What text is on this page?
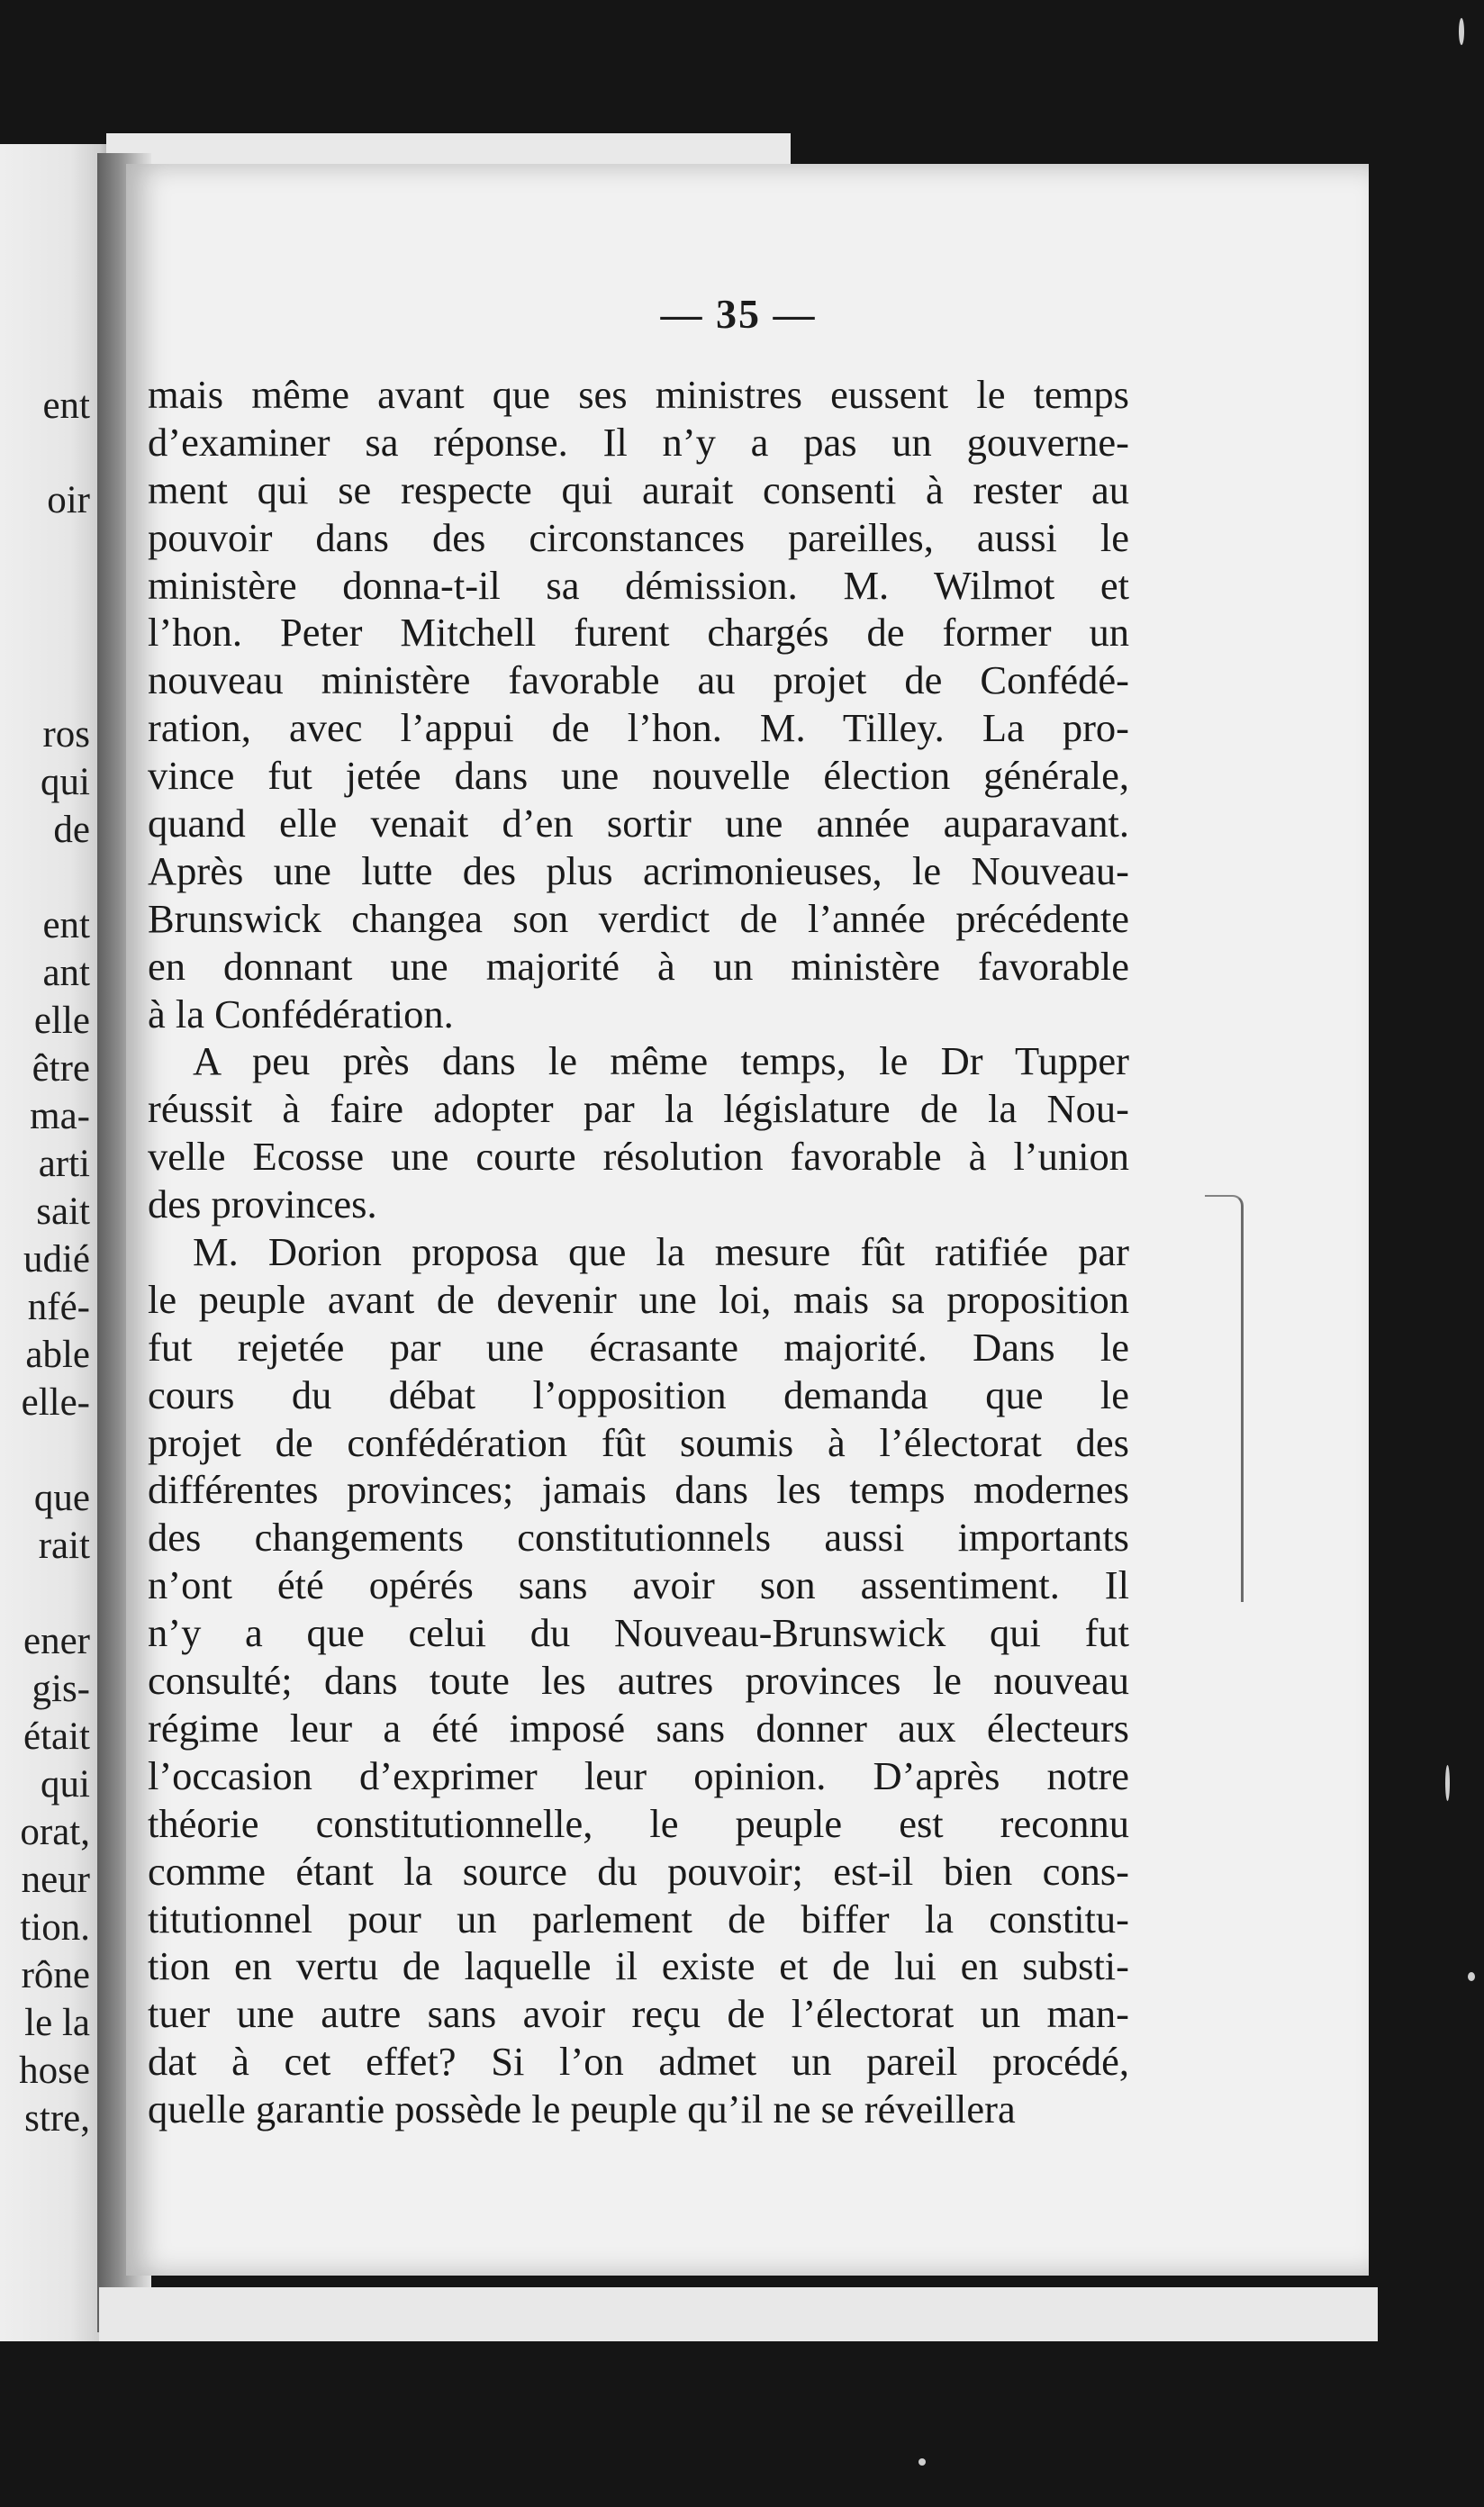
ent
oir
ros
qui
de
ent
ant
elle
être
ma-
arti
sait
udié
nfé-
able
elle-
que
rait
ener
gis-
était
qui
orat,
neur
tion.
rône
le la
hose
stre,
— 35 —
mais même avant que ses ministres eussent le temps
d’examiner sa réponse. Il n’y a pas un gouverne-
ment qui se respecte qui aurait consenti à rester au
pouvoir dans des circonstances pareilles, aussi le
ministère donna-t-il sa démission. M. Wilmot et
l’hon. Peter Mitchell furent chargés de former un
nouveau ministère favorable au projet de Confédé-
ration, avec l’appui de l’hon. M. Tilley. La pro-
vince fut jetée dans une nouvelle élection générale,
quand elle venait d’en sortir une année auparavant.
Après une lutte des plus acrimonieuses, le Nouveau-
Brunswick changea son verdict de l’année précédente
en donnant une majorité à un ministère favorable
à la Confédération.
A peu près dans le même temps, le Dr Tupper
réussit à faire adopter par la législature de la Nou-
velle Ecosse une courte résolution favorable à l’union
des provinces.
M. Dorion proposa que la mesure fût ratifiée par
le peuple avant de devenir une loi, mais sa proposition
fut rejetée par une écrasante majorité. Dans le
cours du débat l’opposition demanda que le
projet de confédération fût soumis à l’électorat des
différentes provinces; jamais dans les temps modernes
des changements constitutionnels aussi importants
n’ont été opérés sans avoir son assentiment. Il
n’y a que celui du Nouveau-Brunswick qui fut
consulté; dans toute les autres provinces le nouveau
régime leur a été imposé sans donner aux électeurs
l’occasion d’exprimer leur opinion. D’après notre
théorie constitutionnelle, le peuple est reconnu
comme étant la source du pouvoir; est-il bien cons-
titutionnel pour un parlement de biffer la constitu-
tion en vertu de laquelle il existe et de lui en substi-
tuer une autre sans avoir reçu de l’électorat un man-
dat à cet effet? Si l’on admet un pareil procédé,
quelle garantie possède le peuple qu’il ne se réveillera
